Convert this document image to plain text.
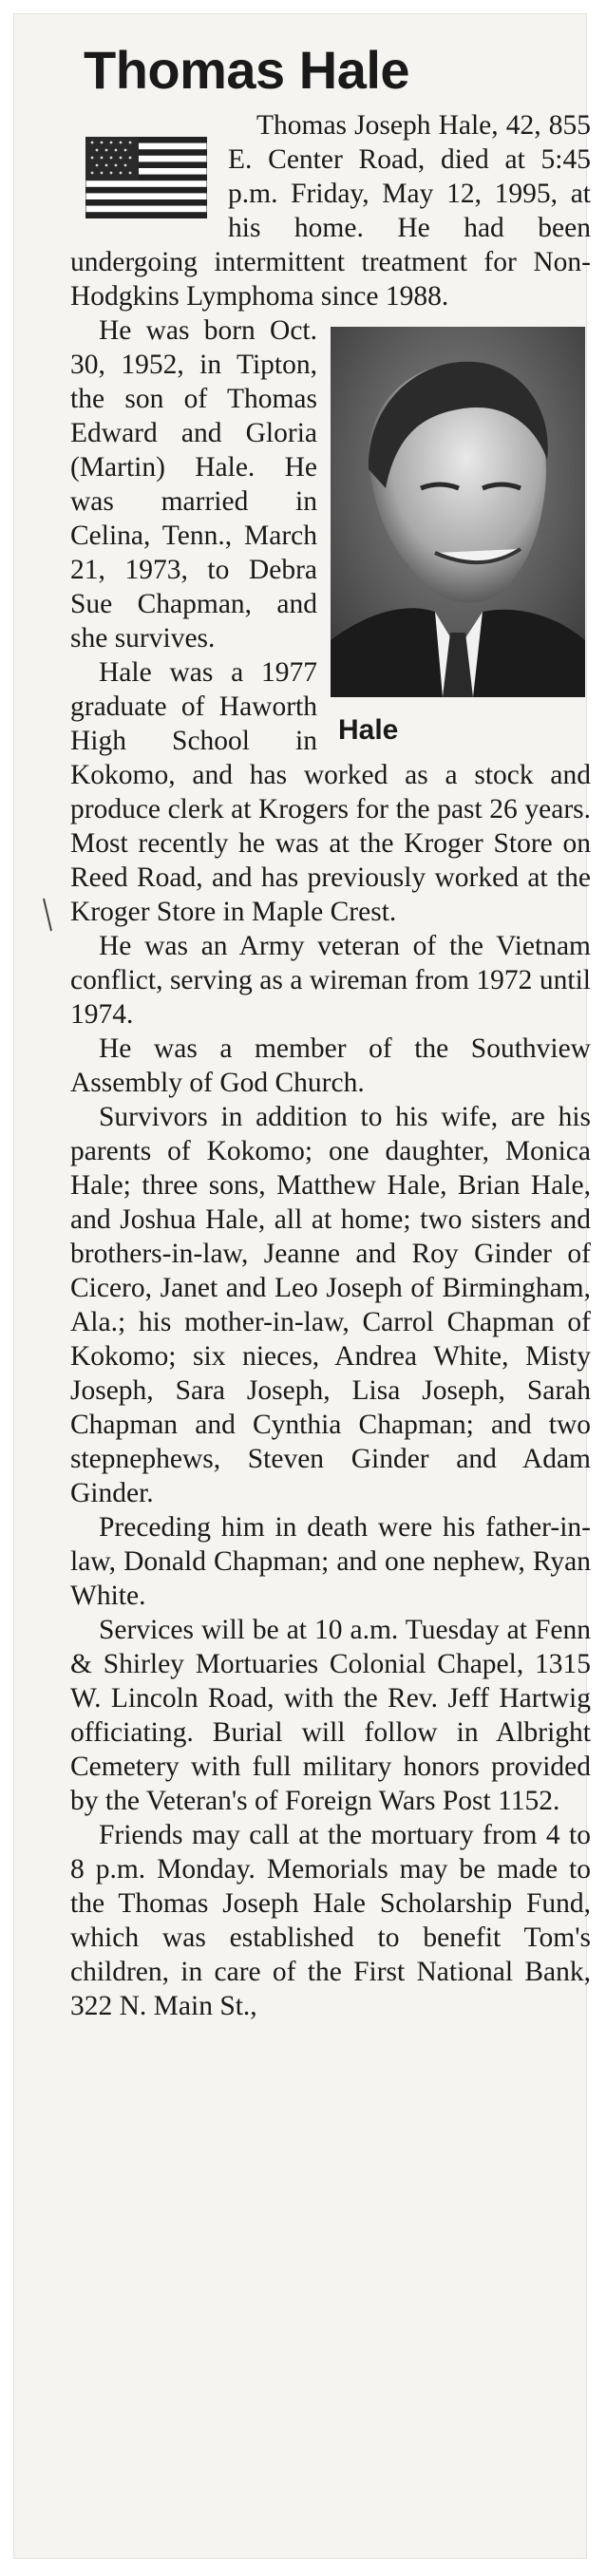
Thomas Hale

Thomas Joseph Hale, 42, 855 E. Center Road, died at 5:45 p.m. Friday, May 12, 1995, at his home. He had been undergoing intermittent treatment for Non-Hodgkins Lymphoma since 1988.

Hale

He was born Oct. 30, 1952, in Tipton, the son of Thomas Edward and Gloria (Martin) Hale. He was married in Celina, Tenn., March 21, 1973, to Debra Sue Chapman, and she survives.

Hale was a 1977 graduate of Haworth High School in Kokomo, and has worked as a stock and produce clerk at Krogers for the past 26 years. Most recently he was at the Kroger Store on Reed Road, and has previously worked at the Kroger Store in Maple Crest.

He was an Army veteran of the Vietnam conflict, serving as a wireman from 1972 until 1974.

He was a member of the Southview Assembly of God Church.

Survivors in addition to his wife, are his parents of Kokomo; one daughter, Monica Hale; three sons, Matthew Hale, Brian Hale, and Joshua Hale, all at home; two sisters and brothers-in-law, Jeanne and Roy Ginder of Cicero, Janet and Leo Joseph of Birmingham, Ala.; his mother-in-law, Carrol Chapman of Kokomo; six nieces, Andrea White, Misty Joseph, Sara Joseph, Lisa Joseph, Sarah Chapman and Cynthia Chapman; and two stepnephews, Steven Ginder and Adam Ginder.

Preceding him in death were his father-in-law, Donald Chapman; and one nephew, Ryan White.

Services will be at 10 a.m. Tuesday at Fenn & Shirley Mortuaries Colonial Chapel, 1315 W. Lincoln Road, with the Rev. Jeff Hartwig officiating. Burial will follow in Albright Cemetery with full military honors provided by the Veteran's of Foreign Wars Post 1152.

Friends may call at the mortuary from 4 to 8 p.m. Monday. Memorials may be made to the Thomas Joseph Hale Scholarship Fund, which was established to benefit Tom's children, in care of the First National Bank, 322 N. Main St.,
